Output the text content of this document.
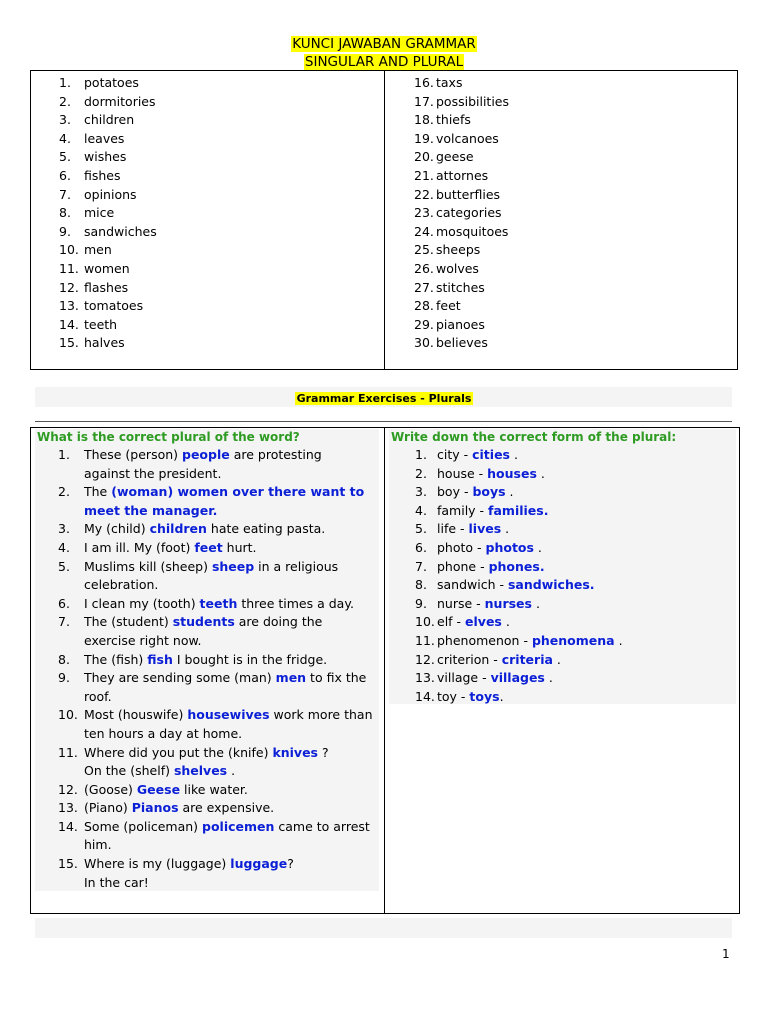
KUNCI JAWABAN GRAMMAR
SINGULAR AND PLURAL
1. potatoes
2. dormitories
3. children
4. leaves
5. wishes
6. fishes
7. opinions
8. mice
9. sandwiches
10. men
11. women
12. flashes
13. tomatoes
14. teeth
15. halves
16. taxs
17. possibilities
18. thiefs
19. volcanoes
20. geese
21. attornes
22. butterflies
23. categories
24. mosquitoes
25. sheeps
26. wolves
27. stitches
28. feet
29. pianoes
30. believes
Grammar Exercises - Plurals
What is the correct plural of the word?	Write down the correct form of the plural:
1. These (person) people are protesting
against the president.
2. The (woman) women over there want to
meet the manager.
3. My (child) children hate eating pasta.
4. I am ill. My (foot) feet hurt.
5. Muslims kill (sheep) sheep in a religious
celebration.
6. I clean my (tooth) teeth three times a day.
7. The (student) students are doing the
exercise right now.
8. The (fish) fish I bought is in the fridge.
9. They are sending some (man) men to fix the
roof.
10. Most (houswife) housewives work more than
ten hours a day at home.
11. Where did you put the (knife) knives ?
On the (shelf) shelves .
12. (Goose) Geese like water.
13. (Piano) Pianos are expensive.
14. Some (policeman) policemen came to arrest
him.
15. Where is my (luggage) luggage?
In the car!
1. city - cities .
2. house - houses .
3. boy - boys .
4. family - families.
5. life - lives .
6. photo - photos .
7. phone - phones.
8. sandwich - sandwiches.
9. nurse - nurses .
10. elf - elves .
11. phenomenon - phenomena .
12. criterion - criteria .
13. village - villages .
14. toy - toys.
1
